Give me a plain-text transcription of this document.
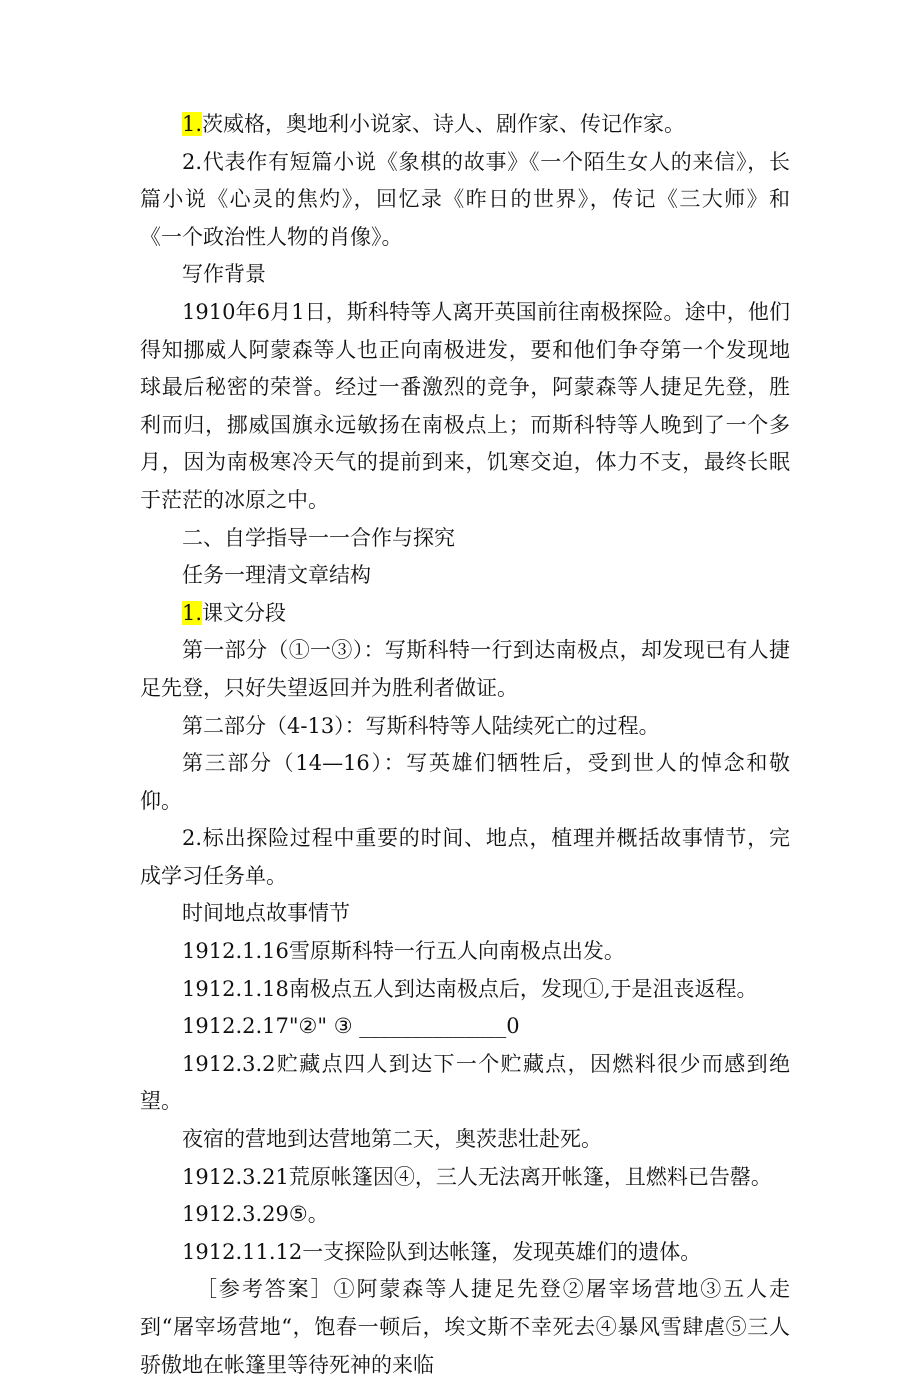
1.茨威格，奥地利小说家、诗人、剧作家、传记作家。

2.代表作有短篇小说《象棋的故事》《一个陌生女人的来信》，长篇小说《心灵的焦灼》，回忆录《昨日的世界》，传记《三大师》和《一个政治性人物的肖像》。

写作背景

1910年6月1日，斯科特等人离开英国前往南极探险。途中，他们得知挪威人阿蒙森等人也正向南极进发，要和他们争夺第一个发现地球最后秘密的荣誉。经过一番激烈的竞争，阿蒙森等人捷足先登，胜利而归，挪威国旗永远敏扬在南极点上；而斯科特等人晚到了一个多月，因为南极寒冷天气的提前到来，饥寒交迫，体力不支，最终长眠于茫茫的冰原之中。

二、自学指导一一合作与探究

任务一理清文章结构

1.课文分段

第一部分（①一③）：写斯科特一行到达南极点，却发现已有人捷足先登，只好失望返回并为胜利者做证。

第二部分（4-13）：写斯科特等人陆续死亡的过程。

第三部分（14—16）：写英雄们牺牲后，受到世人的悼念和敬仰。

2.标出探险过程中重要的时间、地点，植理并概括故事情节，完成学习任务单。

时间地点故事情节

1912.1.16雪原斯科特一行五人向南极点出发。

1912.1.18南极点五人到达南极点后，发现①,于是沮丧返程。

1912.2.17"②" ③ ______________0

1912.3.2贮藏点四人到达下一个贮藏点，因燃料很少而感到绝望。

夜宿的营地到达营地第二天，奥茨悲壮赴死。

1912.3.21荒原帐篷因④，三人无法离开帐篷，且燃料已告罄。

1912.3.29⑤。

1912.11.12一支探险队到达帐篷，发现英雄们的遗体。

［参考答案］①阿蒙森等人捷足先登②屠宰场营地③五人走到“屠宰场营地“，饱春一顿后，埃文斯不幸死去④暴风雪肆虐⑤三人骄傲地在帐篷里等待死神的来临
